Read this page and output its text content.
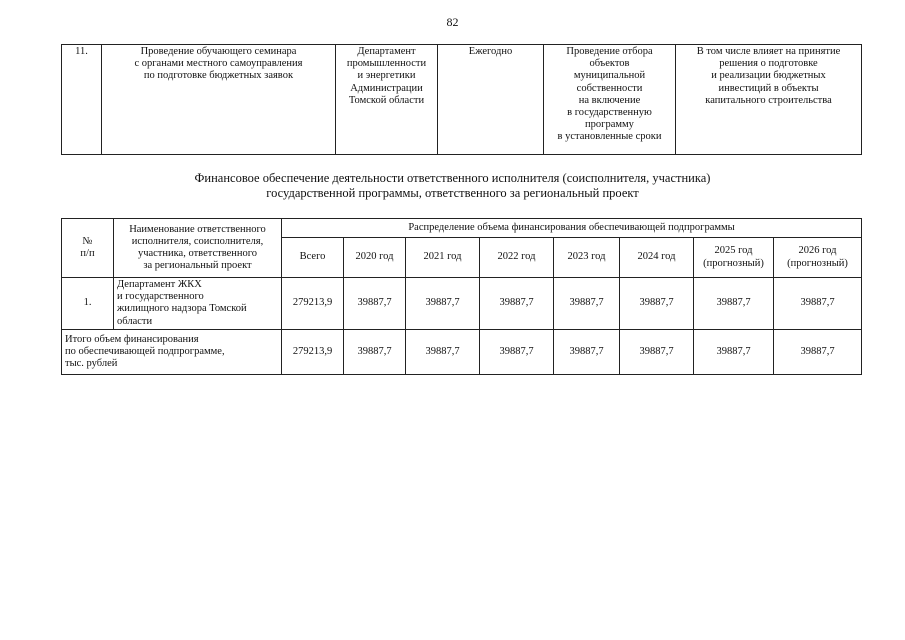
82
11.	Проведение обучающего семинара
с органами местного самоуправления
по подготовке бюджетных заявок	Департамент
промышленности
и энергетики
Администрации
Томской области	Ежегодно	Проведение отбора
объектов
муниципальной
собственности
на включение
в государственную
программу
в установленные сроки	В том числе влияет на принятие
решения о подготовке
и реализации бюджетных
инвестиций в объекты
капитального строительства
Финансовое обеспечение деятельности ответственного исполнителя (соисполнителя, участника)
государственной программы, ответственного за региональный проект
№
п/п	Наименование ответственного
исполнителя, соисполнителя,
участника, ответственного
за региональный проект	Распределение объема финансирования обеспечивающей подпрограммы							
		Всего	2020 год	2021 год	2022 год	2023 год	2024 год	2025 год
(прогнозный)	2026 год
(прогнозный)
1.	Департамент ЖКХ
и государственного
жилищного надзора Томской
области	279213,9	39887,7	39887,7	39887,7	39887,7	39887,7	39887,7	39887,7
Итого объем финансирования
по обеспечивающей подпрограмме,
тыс. рублей		279213,9	39887,7	39887,7	39887,7	39887,7	39887,7	39887,7	39887,7
